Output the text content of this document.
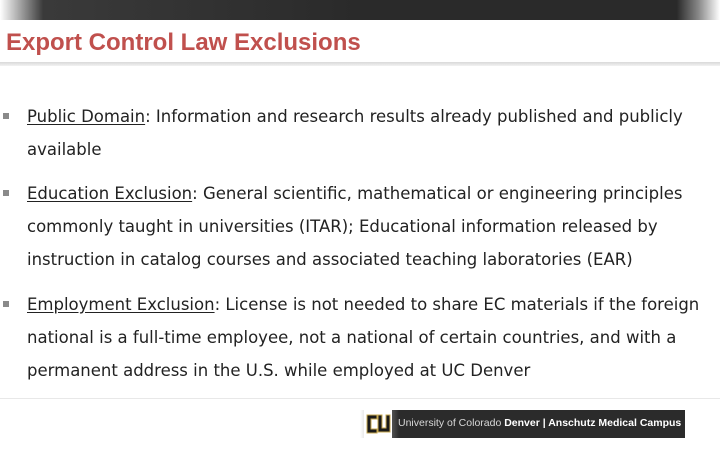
Export Control Law Exclusions
Public Domain: Information and research results already published and publicly available
Education Exclusion: General scientific, mathematical or engineering principles commonly taught in universities (ITAR); Educational information released by instruction in catalog courses and associated teaching laboratories (EAR)
Employment Exclusion: License is not needed to share EC materials if the foreign national is a full-time employee, not a national of certain countries, and with a permanent address in the U.S. while employed at UC Denver
University of Colorado Denver | Anschutz Medical Campus
